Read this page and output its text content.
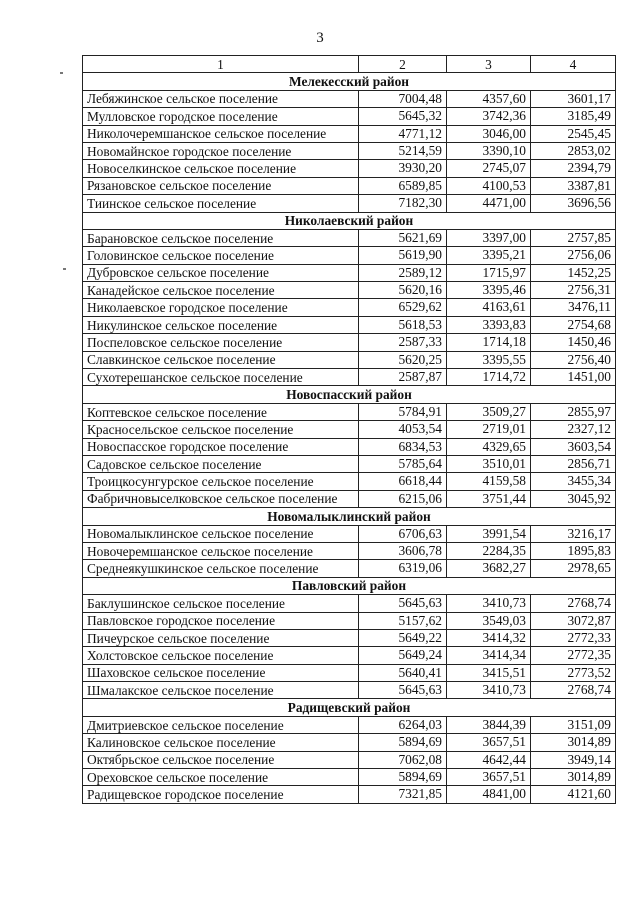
3
1	2	3	4
Мелекесский район			
Лебяжинское сельское поселение	7004,48	4357,60	3601,17
Мулловское городское поселение	5645,32	3742,36	3185,49
Николочеремшанское сельское поселение	4771,12	3046,00	2545,45
Новомайнское городское поселение	5214,59	3390,10	2853,02
Новоселкинское сельское поселение	3930,20	2745,07	2394,79
Рязановское сельское поселение	6589,85	4100,53	3387,81
Тиинское сельское поселение	7182,30	4471,00	3696,56
Николаевский район			
Барановское сельское поселение	5621,69	3397,00	2757,85
Головинское сельское поселение	5619,90	3395,21	2756,06
Дубровское сельское поселение	2589,12	1715,97	1452,25
Канадейское сельское поселение	5620,16	3395,46	2756,31
Николаевское городское поселение	6529,62	4163,61	3476,11
Никулинское сельское поселение	5618,53	3393,83	2754,68
Поспеловское сельское поселение	2587,33	1714,18	1450,46
Славкинское сельское поселение	5620,25	3395,55	2756,40
Сухотерешанское сельское поселение	2587,87	1714,72	1451,00
Новоспасский район			
Коптевское сельское поселение	5784,91	3509,27	2855,97
Красносельское сельское поселение	4053,54	2719,01	2327,12
Новоспасское городское поселение	6834,53	4329,65	3603,54
Садовское сельское поселение	5785,64	3510,01	2856,71
Троицкосунгурское сельское поселение	6618,44	4159,58	3455,34
Фабричновыселковское сельское поселение	6215,06	3751,44	3045,92
Новомалыклинский район			
Новомалыклинское сельское поселение	6706,63	3991,54	3216,17
Новочеремшанское сельское поселение	3606,78	2284,35	1895,83
Среднеякушкинское сельское поселение	6319,06	3682,27	2978,65
Павловский район			
Баклушинское сельское поселение	5645,63	3410,73	2768,74
Павловское городское поселение	5157,62	3549,03	3072,87
Пичеурское сельское поселение	5649,22	3414,32	2772,33
Холстовское сельское поселение	5649,24	3414,34	2772,35
Шаховское сельское поселение	5640,41	3415,51	2773,52
Шмалакское сельское поселение	5645,63	3410,73	2768,74
Радищевский район			
Дмитриевское сельское поселение	6264,03	3844,39	3151,09
Калиновское сельское поселение	5894,69	3657,51	3014,89
Октябрьское сельское поселение	7062,08	4642,44	3949,14
Ореховское сельское поселение	5894,69	3657,51	3014,89
Радищевское городское поселение	7321,85	4841,00	4121,60
